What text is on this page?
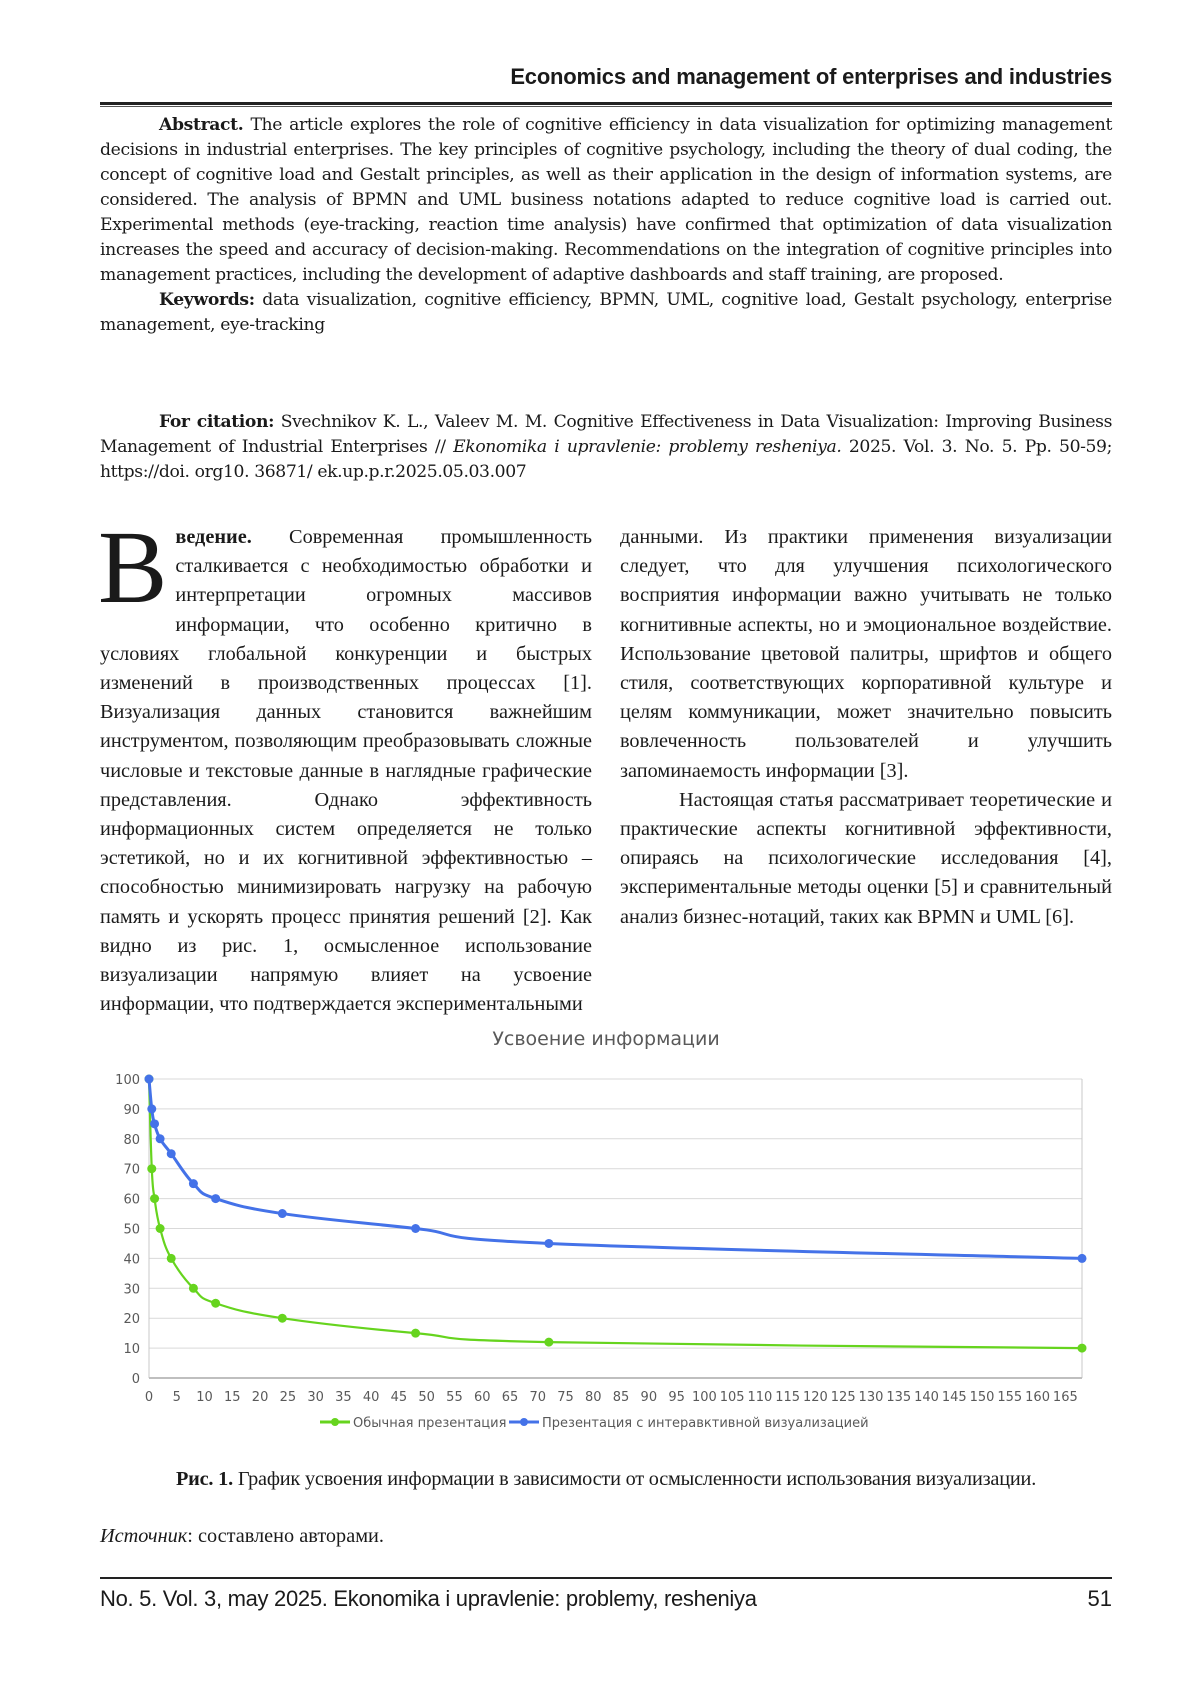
Economics and management of enterprises and industries

Abstract. The article explores the role of cognitive efficiency in data visualization for optimizing management decisions in industrial enterprises. The key principles of cognitive psychology, including the theory of dual coding, the concept of cognitive load and Gestalt principles, as well as their application in the design of information systems, are considered. The analysis of BPMN and UML business notations adapted to reduce cognitive load is carried out. Experimental methods (eye-tracking, reaction time analysis) have confirmed that optimization of data visualization increases the speed and accuracy of decision-making. Recommendations on the integration of cognitive principles into management practices, including the development of adaptive dashboards and staff training, are proposed.

Keywords: data visualization, cognitive efficiency, BPMN, UML, cognitive load, Gestalt psychology, enterprise management, eye-tracking

For citation: Svechnikov K. L., Valeev M. M. Cognitive Effectiveness in Data Visualization: Improving Business Management of Industrial Enterprises // Ekonomika i upravlenie: problemy resheniya. 2025. Vol. 3. No. 5. Pp. 50-59; https://doi. org10. 36871/ ek.up.p.r.2025.05.03.007

Введение. Современная промышленность сталкивается с необходимостью обработки и интерпретации огромных массивов информации, что особенно критично в условиях глобальной конкуренции и быстрых изменений в производственных процессах [1]. Визуализация данных становится важнейшим инструментом, позволяющим преобразовывать сложные числовые и текстовые данные в наглядные графические представления. Однако эффективность информационных систем определяется не только эстетикой, но и их когнитивной эффективностью – способностью минимизировать нагрузку на рабочую память и ускорять процесс принятия решений [2]. Как видно из рис. 1, осмысленное использование визуализации напрямую влияет на усвоение информации, что подтверждается экспериментальными

данными. Из практики применения визуализации следует, что для улучшения психологического восприятия информации важно учитывать не только когнитивные аспекты, но и эмоциональное воздействие. Использование цветовой палитры, шрифтов и общего стиля, соответствующих корпоративной культуре и целям коммуникации, может значительно повысить вовлеченность пользователей и улучшить запоминаемость информации [3].

Настоящая статья рассматривает теоретические и практические аспекты когнитивной эффективности, опираясь на психологические исследования [4], экспериментальные методы оценки [5] и сравнительный анализ бизнес-нотаций, таких как BPMN и UML [6].

Усвоение информации
0
10
20
30
40
50
60
70
80
90
100
0 5 10 15 20 25 30 35 40 45 50 55 60 65 70 75 80 85 90 95 100 105 110 115 120 125 130 135 140 145 150 155 160 165
Обычная презентация	Презентация с интеравктивной визуализацией
Рис. 1. График усвоения информации в зависимости от осмысленности использования визуализации.
Источник: составлено авторами.
No. 5. Vol. 3, may 2025. Ekonomika i upravlenie: problemy, resheniya	51
